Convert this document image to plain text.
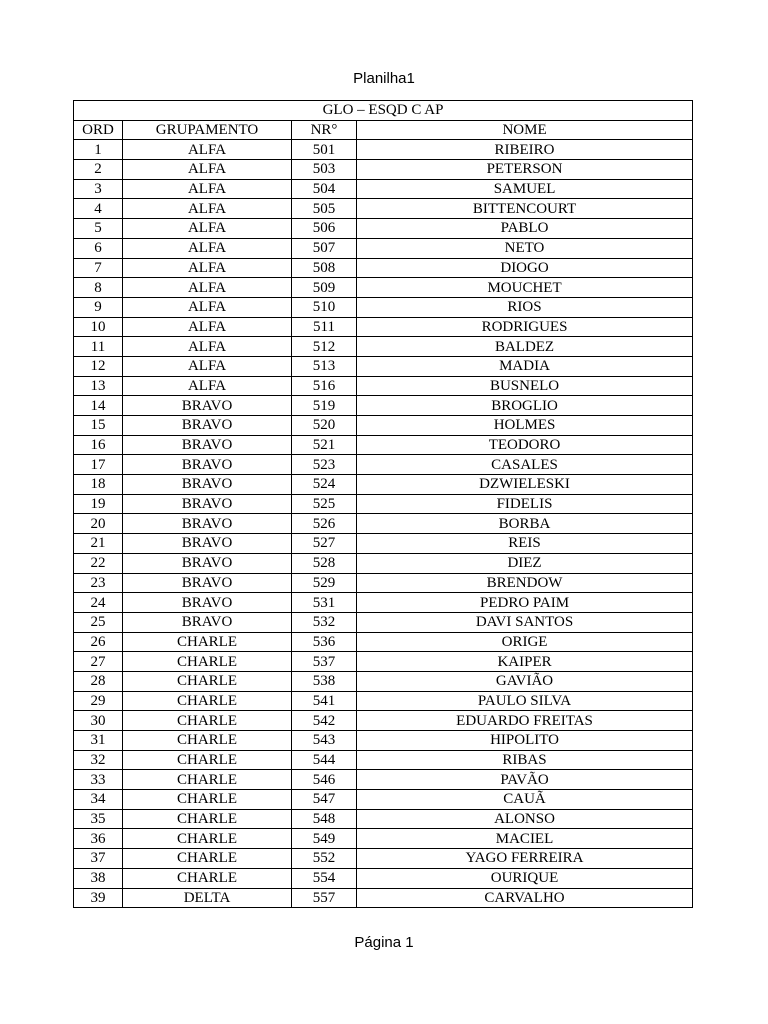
Planilha1
GLO – ESQD C AP			
ORD	GRUPAMENTO	NR°	NOME
1	ALFA	501	RIBEIRO
2	ALFA	503	PETERSON
3	ALFA	504	SAMUEL
4	ALFA	505	BITTENCOURT
5	ALFA	506	PABLO
6	ALFA	507	NETO
7	ALFA	508	DIOGO
8	ALFA	509	MOUCHET
9	ALFA	510	RIOS
10	ALFA	511	RODRIGUES
11	ALFA	512	BALDEZ
12	ALFA	513	MADIA
13	ALFA	516	BUSNELO
14	BRAVO	519	BROGLIO
15	BRAVO	520	HOLMES
16	BRAVO	521	TEODORO
17	BRAVO	523	CASALES
18	BRAVO	524	DZWIELESKI
19	BRAVO	525	FIDELIS
20	BRAVO	526	BORBA
21	BRAVO	527	REIS
22	BRAVO	528	DIEZ
23	BRAVO	529	BRENDOW
24	BRAVO	531	PEDRO PAIM
25	BRAVO	532	DAVI SANTOS
26	CHARLE	536	ORIGE
27	CHARLE	537	KAIPER
28	CHARLE	538	GAVIÃO
29	CHARLE	541	PAULO SILVA
30	CHARLE	542	EDUARDO FREITAS
31	CHARLE	543	HIPOLITO
32	CHARLE	544	RIBAS
33	CHARLE	546	PAVÃO
34	CHARLE	547	CAUÃ
35	CHARLE	548	ALONSO
36	CHARLE	549	MACIEL
37	CHARLE	552	YAGO FERREIRA
38	CHARLE	554	OURIQUE
39	DELTA	557	CARVALHO
Página 1
